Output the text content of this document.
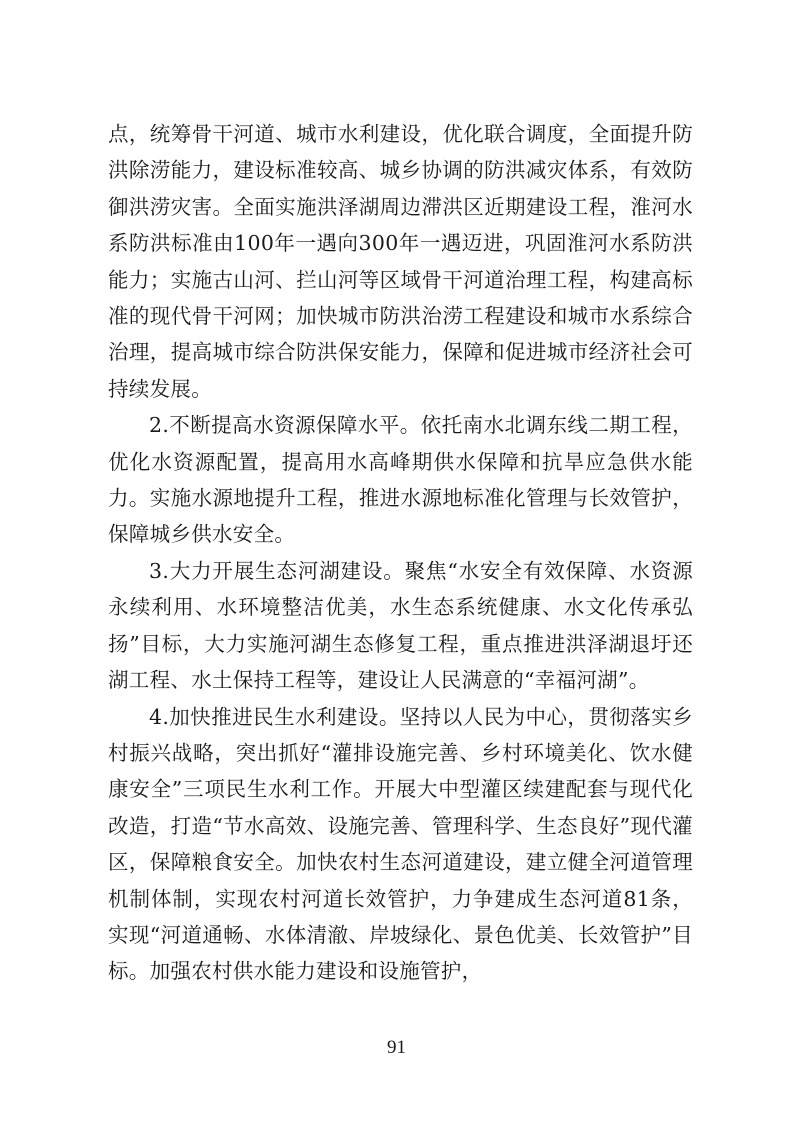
点，统筹骨干河道、城市水利建设，优化联合调度，全面提升防洪除涝能力，建设标准较高、城乡协调的防洪减灾体系，有效防御洪涝灾害。全面实施洪泽湖周边滞洪区近期建设工程，淮河水系防洪标准由100年一遇向300年一遇迈进，巩固淮河水系防洪能力；实施古山河、拦山河等区域骨干河道治理工程，构建高标准的现代骨干河网；加快城市防洪治涝工程建设和城市水系综合治理，提高城市综合防洪保安能力，保障和促进城市经济社会可持续发展。

2.不断提高水资源保障水平。依托南水北调东线二期工程，优化水资源配置，提高用水高峰期供水保障和抗旱应急供水能力。实施水源地提升工程，推进水源地标准化管理与长效管护，保障城乡供水安全。

3.大力开展生态河湖建设。聚焦“水安全有效保障、水资源永续利用、水环境整洁优美，水生态系统健康、水文化传承弘扬”目标，大力实施河湖生态修复工程，重点推进洪泽湖退圩还湖工程、水土保持工程等，建设让人民满意的“幸福河湖”。

4.加快推进民生水利建设。坚持以人民为中心，贯彻落实乡村振兴战略，突出抓好“灌排设施完善、乡村环境美化、饮水健康安全”三项民生水利工作。开展大中型灌区续建配套与现代化改造，打造“节水高效、设施完善、管理科学、生态良好”现代灌区，保障粮食安全。加快农村生态河道建设，建立健全河道管理机制体制，实现农村河道长效管护，力争建成生态河道81条，实现“河道通畅、水体清澈、岸坡绿化、景色优美、长效管护”目标。加强农村供水能力建设和设施管护，

91
